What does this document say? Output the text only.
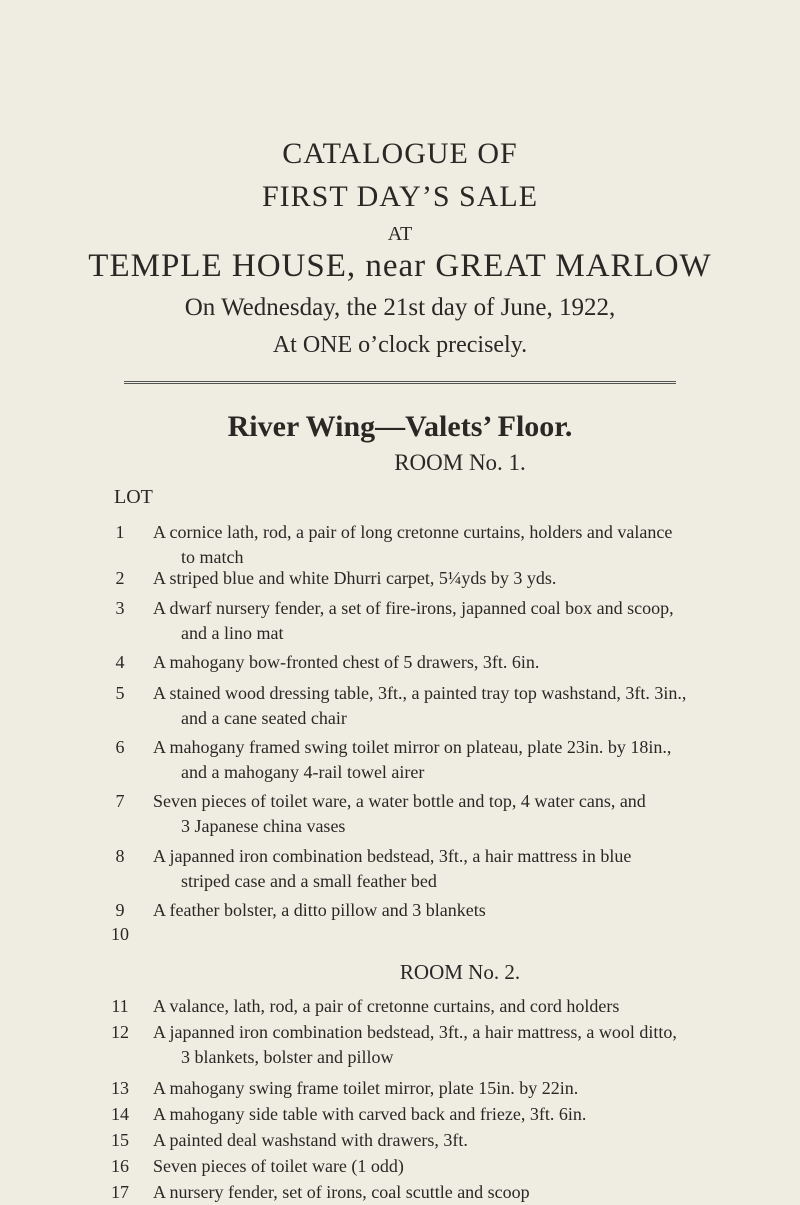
CATALOGUE OF
FIRST DAY’S SALE
AT
TEMPLE HOUSE, near GREAT MARLOW
On Wednesday, the 21st day of June, 1922,
At ONE o’clock precisely.
River Wing—Valets’ Floor.
ROOM No. 1.
LOT
1	A cornice lath, rod, a pair of long cretonne curtains, holders and valance
to match
2	A striped blue and white Dhurri carpet, 5¼yds by 3 yds.
3	A dwarf nursery fender, a set of fire-irons, japanned coal box and scoop,
and a lino mat
4	A mahogany bow-fronted chest of 5 drawers, 3ft. 6in.
5	A stained wood dressing table, 3ft., a painted tray top washstand, 3ft. 3in.,
and a cane seated chair
6	A mahogany framed swing toilet mirror on plateau, plate 23in. by 18in.,
and a mahogany 4-rail towel airer
7	Seven pieces of toilet ware, a water bottle and top, 4 water cans, and
3 Japanese china vases
8	A japanned iron combination bedstead, 3ft., a hair mattress in blue
striped case and a small feather bed
9	A feather bolster, a ditto pillow and 3 blankets
10
ROOM No. 2.
11	A valance, lath, rod, a pair of cretonne curtains, and cord holders
12	A japanned iron combination bedstead, 3ft., a hair mattress, a wool ditto,
3 blankets, bolster and pillow
13	A mahogany swing frame toilet mirror, plate 15in. by 22in.
14	A mahogany side table with carved back and frieze, 3ft. 6in.
15	A painted deal washstand with drawers, 3ft.
16	Seven pieces of toilet ware (1 odd)
17	A nursery fender, set of irons, coal scuttle and scoop
